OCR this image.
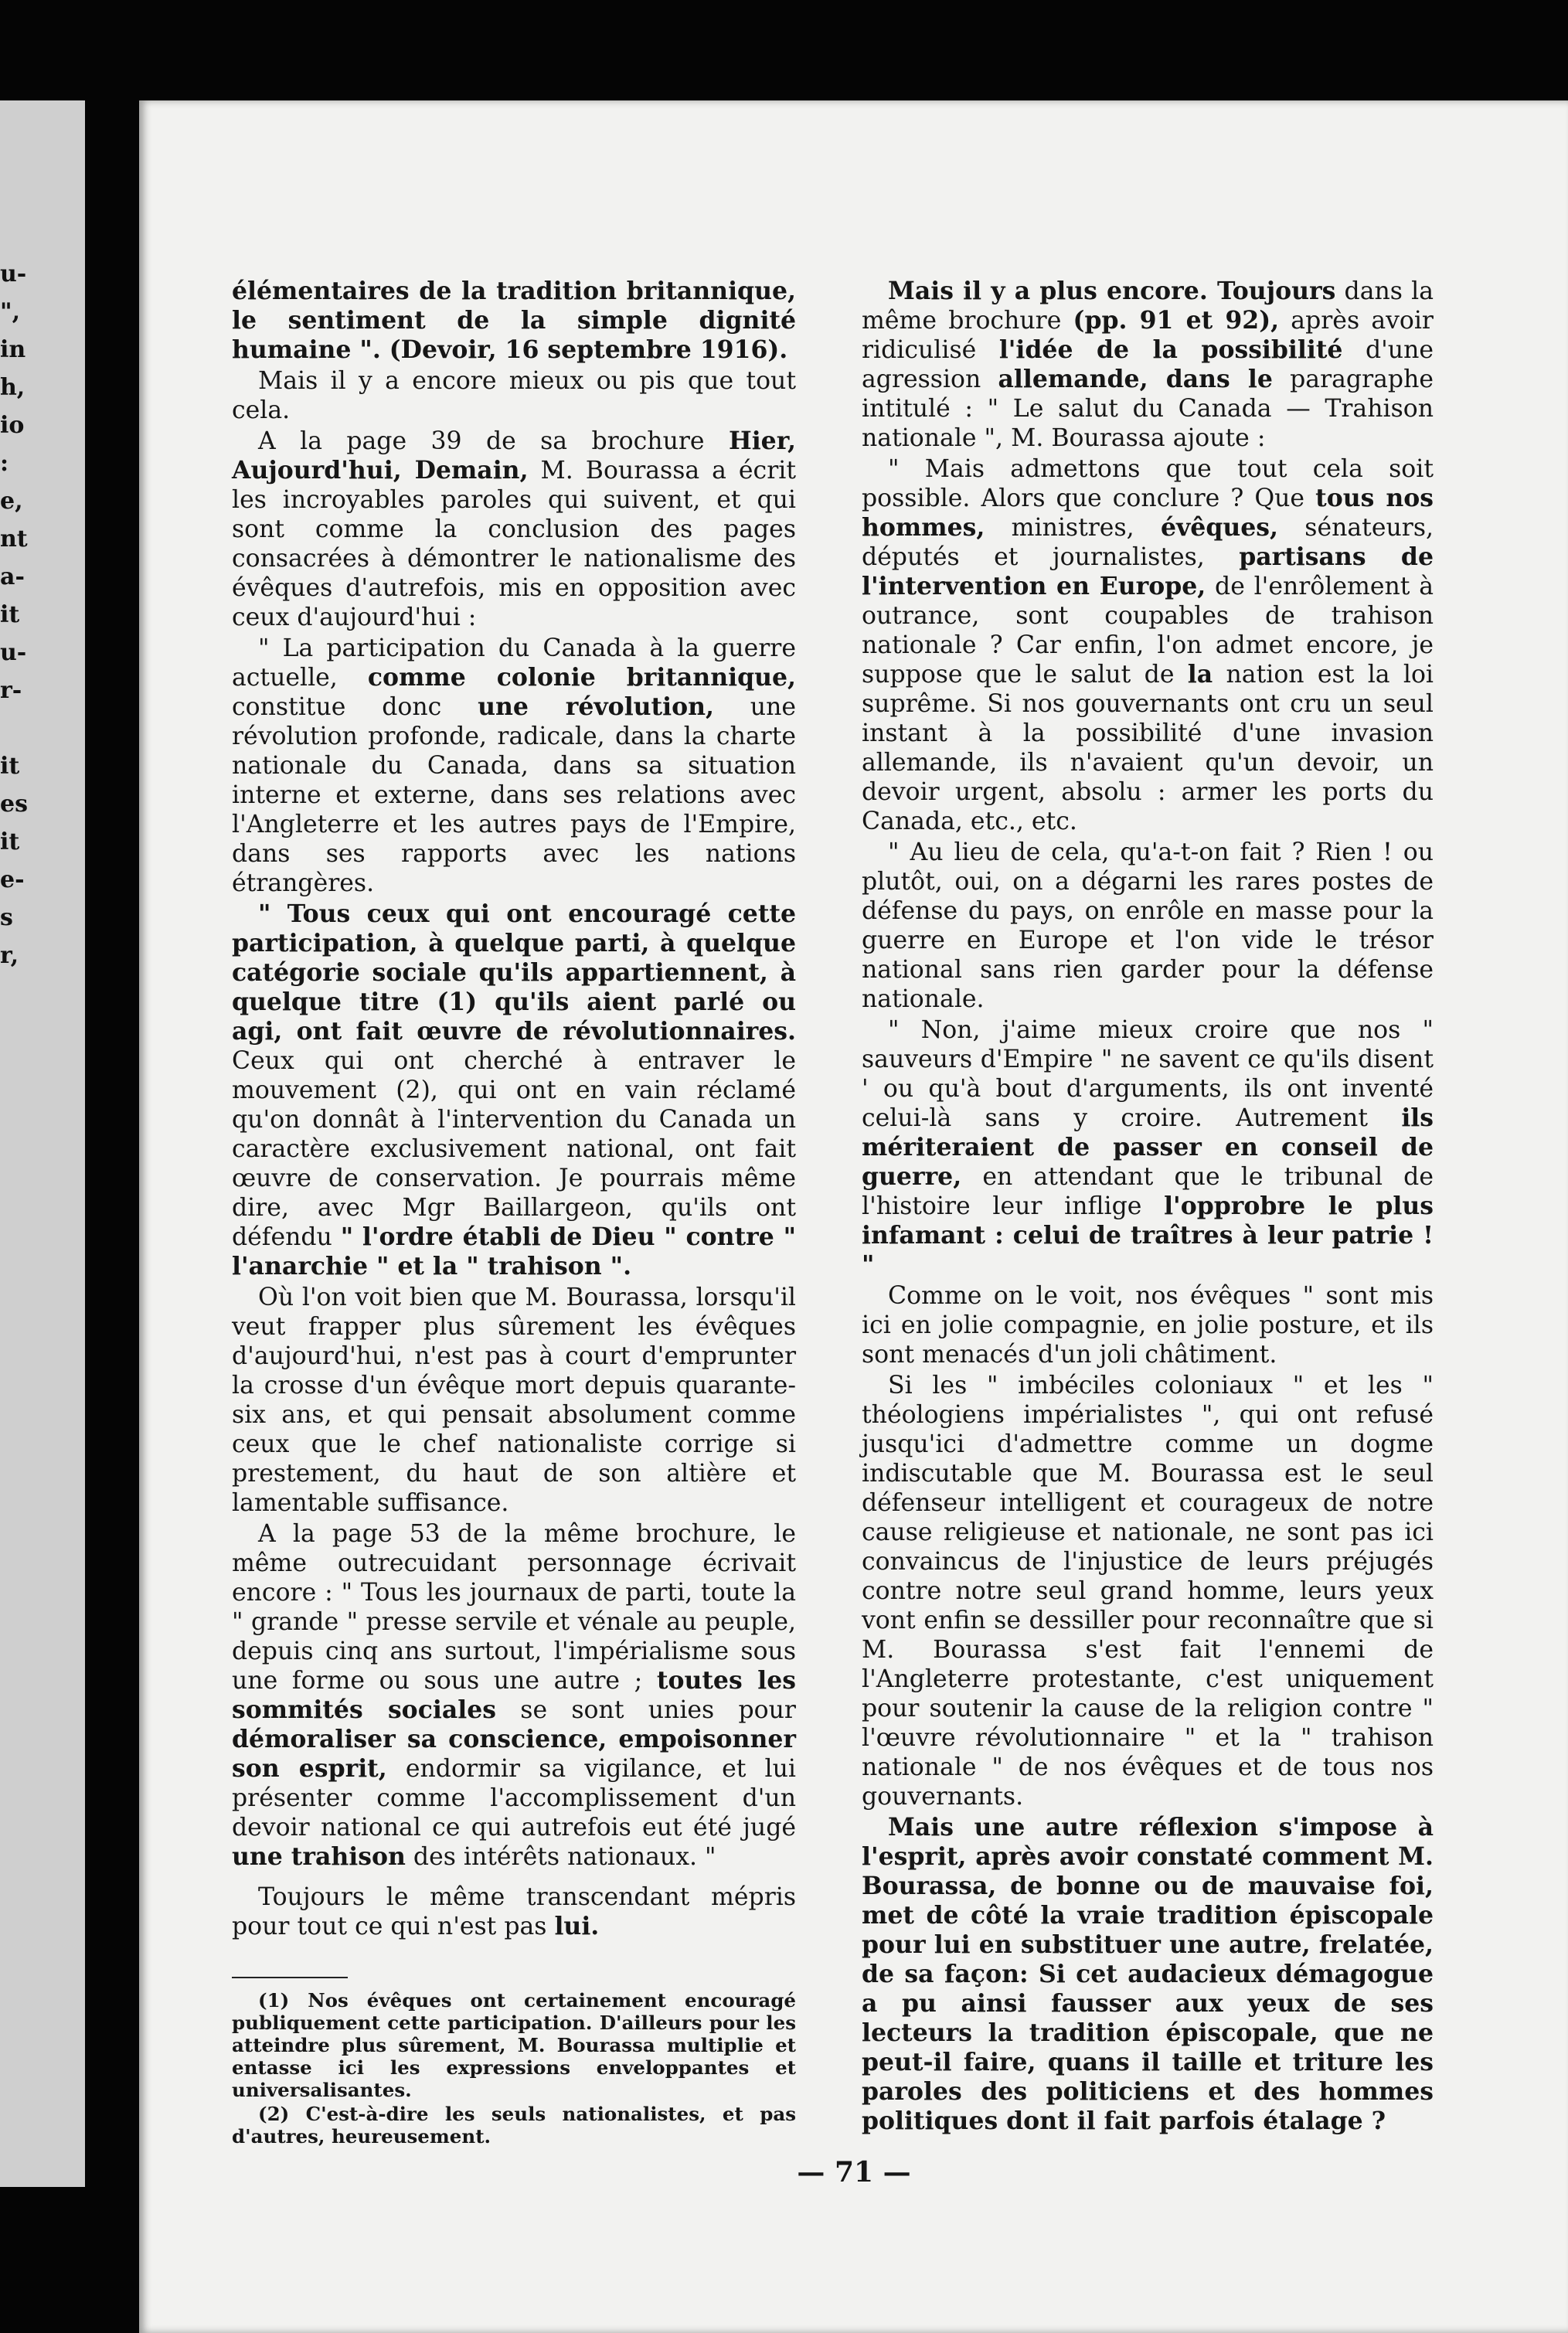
u-
",
in
h,
io
:
e,
nt
a-
it
u-
r-

it
es
it
e-
s
r,

élémentaires de la tradition britannique, le sentiment de la simple dignité humaine ". (Devoir, 16 septembre 1916).

Mais il y a encore mieux ou pis que tout cela.

A la page 39 de sa brochure Hier, Aujourd'hui, Demain, M. Bourassa a écrit les incroyables paroles qui suivent, et qui sont comme la conclusion des pages consacrées à démontrer le nationalisme des évêques d'autrefois, mis en opposition avec ceux d'aujourd'hui :

" La participation du Canada à la guerre actuelle, comme colonie britannique, constitue donc une révolution, une révolution profonde, radicale, dans la charte nationale du Canada, dans sa situation interne et externe, dans ses relations avec l'Angleterre et les autres pays de l'Empire, dans ses rapports avec les nations étrangères.

" Tous ceux qui ont encouragé cette participation, à quelque parti, à quelque catégorie sociale qu'ils appartiennent, à quelque titre (1) qu'ils aient parlé ou agi, ont fait œuvre de révolutionnaires. Ceux qui ont cherché à entraver le mouvement (2), qui ont en vain réclamé qu'on donnât à l'intervention du Canada un caractère exclusivement national, ont fait œuvre de conservation. Je pourrais même dire, avec Mgr Baillargeon, qu'ils ont défendu " l'ordre établi de Dieu " contre " l'anarchie " et la " trahison ".

Où l'on voit bien que M. Bourassa, lorsqu'il veut frapper plus sûrement les évêques d'aujourd'hui, n'est pas à court d'emprunter la crosse d'un évêque mort depuis quarante-six ans, et qui pensait absolument comme ceux que le chef nationaliste corrige si prestement, du haut de son altière et lamentable suffisance.

A la page 53 de la même brochure, le même outrecuidant personnage écrivait encore : " Tous les journaux de parti, toute la " grande " presse servile et vénale au peuple, depuis cinq ans surtout, l'impérialisme sous une forme ou sous une autre ; toutes les sommités sociales se sont unies pour démoraliser sa conscience, empoisonner son esprit, endormir sa vigilance, et lui présenter comme l'accomplissement d'un devoir national ce qui autrefois eut été jugé une trahison des intérêts nationaux. "

Toujours le même transcendant mépris pour tout ce qui n'est pas lui.

(1) Nos évêques ont certainement encouragé publiquement cette participation. D'ailleurs pour les atteindre plus sûrement, M. Bourassa multiplie et entasse ici les expressions enveloppantes et universalisantes.

(2) C'est-à-dire les seuls nationalistes, et pas d'autres, heureusement.

Mais il y a plus encore. Toujours dans la même brochure (pp. 91 et 92), après avoir ridiculisé l'idée de la possibilité d'une agression allemande, dans le paragraphe intitulé : " Le salut du Canada — Trahison nationale ", M. Bourassa ajoute :

" Mais admettons que tout cela soit possible. Alors que conclure ? Que tous nos hommes, ministres, évêques, sénateurs, députés et journalistes, partisans de l'intervention en Europe, de l'enrôlement à outrance, sont coupables de trahison nationale ? Car enfin, l'on admet encore, je suppose que le salut de la nation est la loi suprême. Si nos gouvernants ont cru un seul instant à la possibilité d'une invasion allemande, ils n'avaient qu'un devoir, un devoir urgent, absolu : armer les ports du Canada, etc., etc.

" Au lieu de cela, qu'a-t-on fait ? Rien ! ou plutôt, oui, on a dégarni les rares postes de défense du pays, on enrôle en masse pour la guerre en Europe et l'on vide le trésor national sans rien garder pour la défense nationale.

" Non, j'aime mieux croire que nos " sauveurs d'Empire " ne savent ce qu'ils disent ' ou qu'à bout d'arguments, ils ont inventé celui-là sans y croire. Autrement ils mériteraient de passer en conseil de guerre, en attendant que le tribunal de l'histoire leur inflige l'opprobre le plus infamant : celui de traîtres à leur patrie ! "

Comme on le voit, nos évêques " sont mis ici en jolie compagnie, en jolie posture, et ils sont menacés d'un joli châtiment.

Si les " imbéciles coloniaux " et les " théologiens impérialistes ", qui ont refusé jusqu'ici d'admettre comme un dogme indiscutable que M. Bourassa est le seul défenseur intelligent et courageux de notre cause religieuse et nationale, ne sont pas ici convaincus de l'injustice de leurs préjugés contre notre seul grand homme, leurs yeux vont enfin se dessiller pour reconnaître que si M. Bourassa s'est fait l'ennemi de l'Angleterre protestante, c'est uniquement pour soutenir la cause de la religion contre " l'œuvre révolutionnaire " et la " trahison nationale " de nos évêques et de tous nos gouvernants.

Mais une autre réflexion s'impose à l'esprit, après avoir constaté comment M. Bourassa, de bonne ou de mauvaise foi, met de côté la vraie tradition épiscopale pour lui en substituer une autre, frelatée, de sa façon: Si cet audacieux démagogue a pu ainsi fausser aux yeux de ses lecteurs la tradition épiscopale, que ne peut-il faire, quans il taille et triture les paroles des politiciens et des hommes politiques dont il fait parfois étalage ?

— 71 —
